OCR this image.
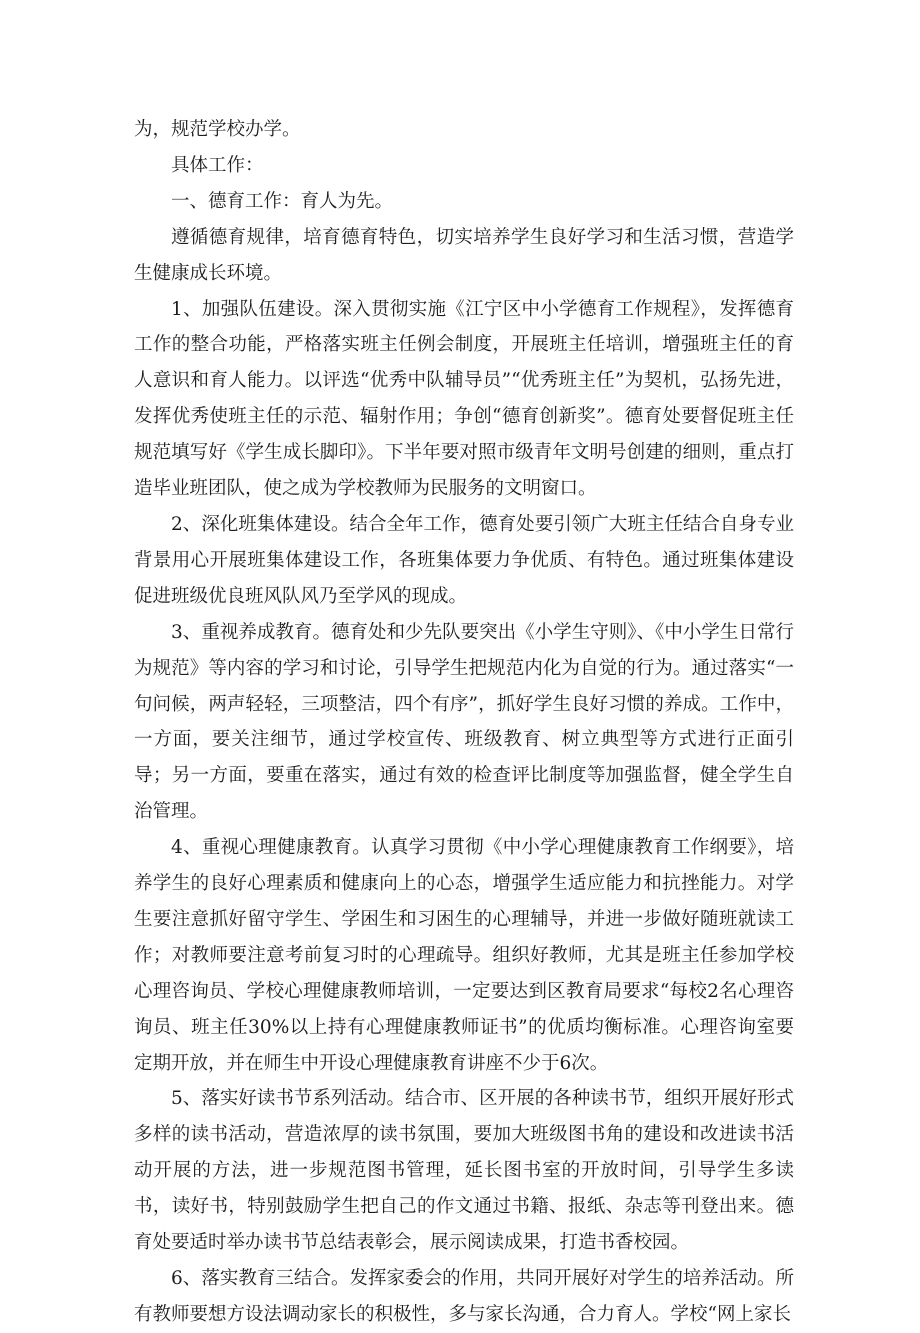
为，规范学校办学。

具体工作：

一、德育工作：育人为先。

遵循德育规律，培育德育特色，切实培养学生良好学习和生活习惯，营造学生健康成长环境。

1、加强队伍建设。深入贯彻实施《江宁区中小学德育工作规程》，发挥德育工作的整合功能，严格落实班主任例会制度，开展班主任培训，增强班主任的育人意识和育人能力。以评选“优秀中队辅导员”“优秀班主任”为契机，弘扬先进，发挥优秀使班主任的示范、辐射作用；争创“德育创新奖”。德育处要督促班主任规范填写好《学生成长脚印》。下半年要对照市级青年文明号创建的细则，重点打造毕业班团队，使之成为学校教师为民服务的文明窗口。

2、深化班集体建设。结合全年工作，德育处要引领广大班主任结合自身专业背景用心开展班集体建设工作，各班集体要力争优质、有特色。通过班集体建设促进班级优良班风队风乃至学风的现成。

3、重视养成教育。德育处和少先队要突出《小学生守则》、《中小学生日常行为规范》等内容的学习和讨论，引导学生把规范内化为自觉的行为。通过落实“一句问候，两声轻轻，三项整洁，四个有序”，抓好学生良好习惯的养成。工作中，一方面，要关注细节，通过学校宣传、班级教育、树立典型等方式进行正面引导；另一方面，要重在落实，通过有效的检查评比制度等加强监督，健全学生自治管理。

4、重视心理健康教育。认真学习贯彻《中小学心理健康教育工作纲要》，培养学生的良好心理素质和健康向上的心态，增强学生适应能力和抗挫能力。对学生要注意抓好留守学生、学困生和习困生的心理辅导，并进一步做好随班就读工作；对教师要注意考前复习时的心理疏导。组织好教师，尤其是班主任参加学校心理咨询员、学校心理健康教师培训，一定要达到区教育局要求“每校2名心理咨询员、班主任30%以上持有心理健康教师证书”的优质均衡标准。心理咨询室要定期开放，并在师生中开设心理健康教育讲座不少于6次。

5、落实好读书节系列活动。结合市、区开展的各种读书节，组织开展好形式多样的读书活动，营造浓厚的读书氛围，要加大班级图书角的建设和改进读书活动开展的方法，进一步规范图书管理，延长图书室的开放时间，引导学生多读书，读好书，特别鼓励学生把自己的作文通过书籍、报纸、杂志等刊登出来。德育处要适时举办读书节总结表彰会，展示阅读成果，打造书香校园。

6、落实教育三结合。发挥家委会的作用，共同开展好对学生的培养活动。所有教师要想方设法调动家长的积极性，多与家长沟通，合力育人。学校“网上家长
